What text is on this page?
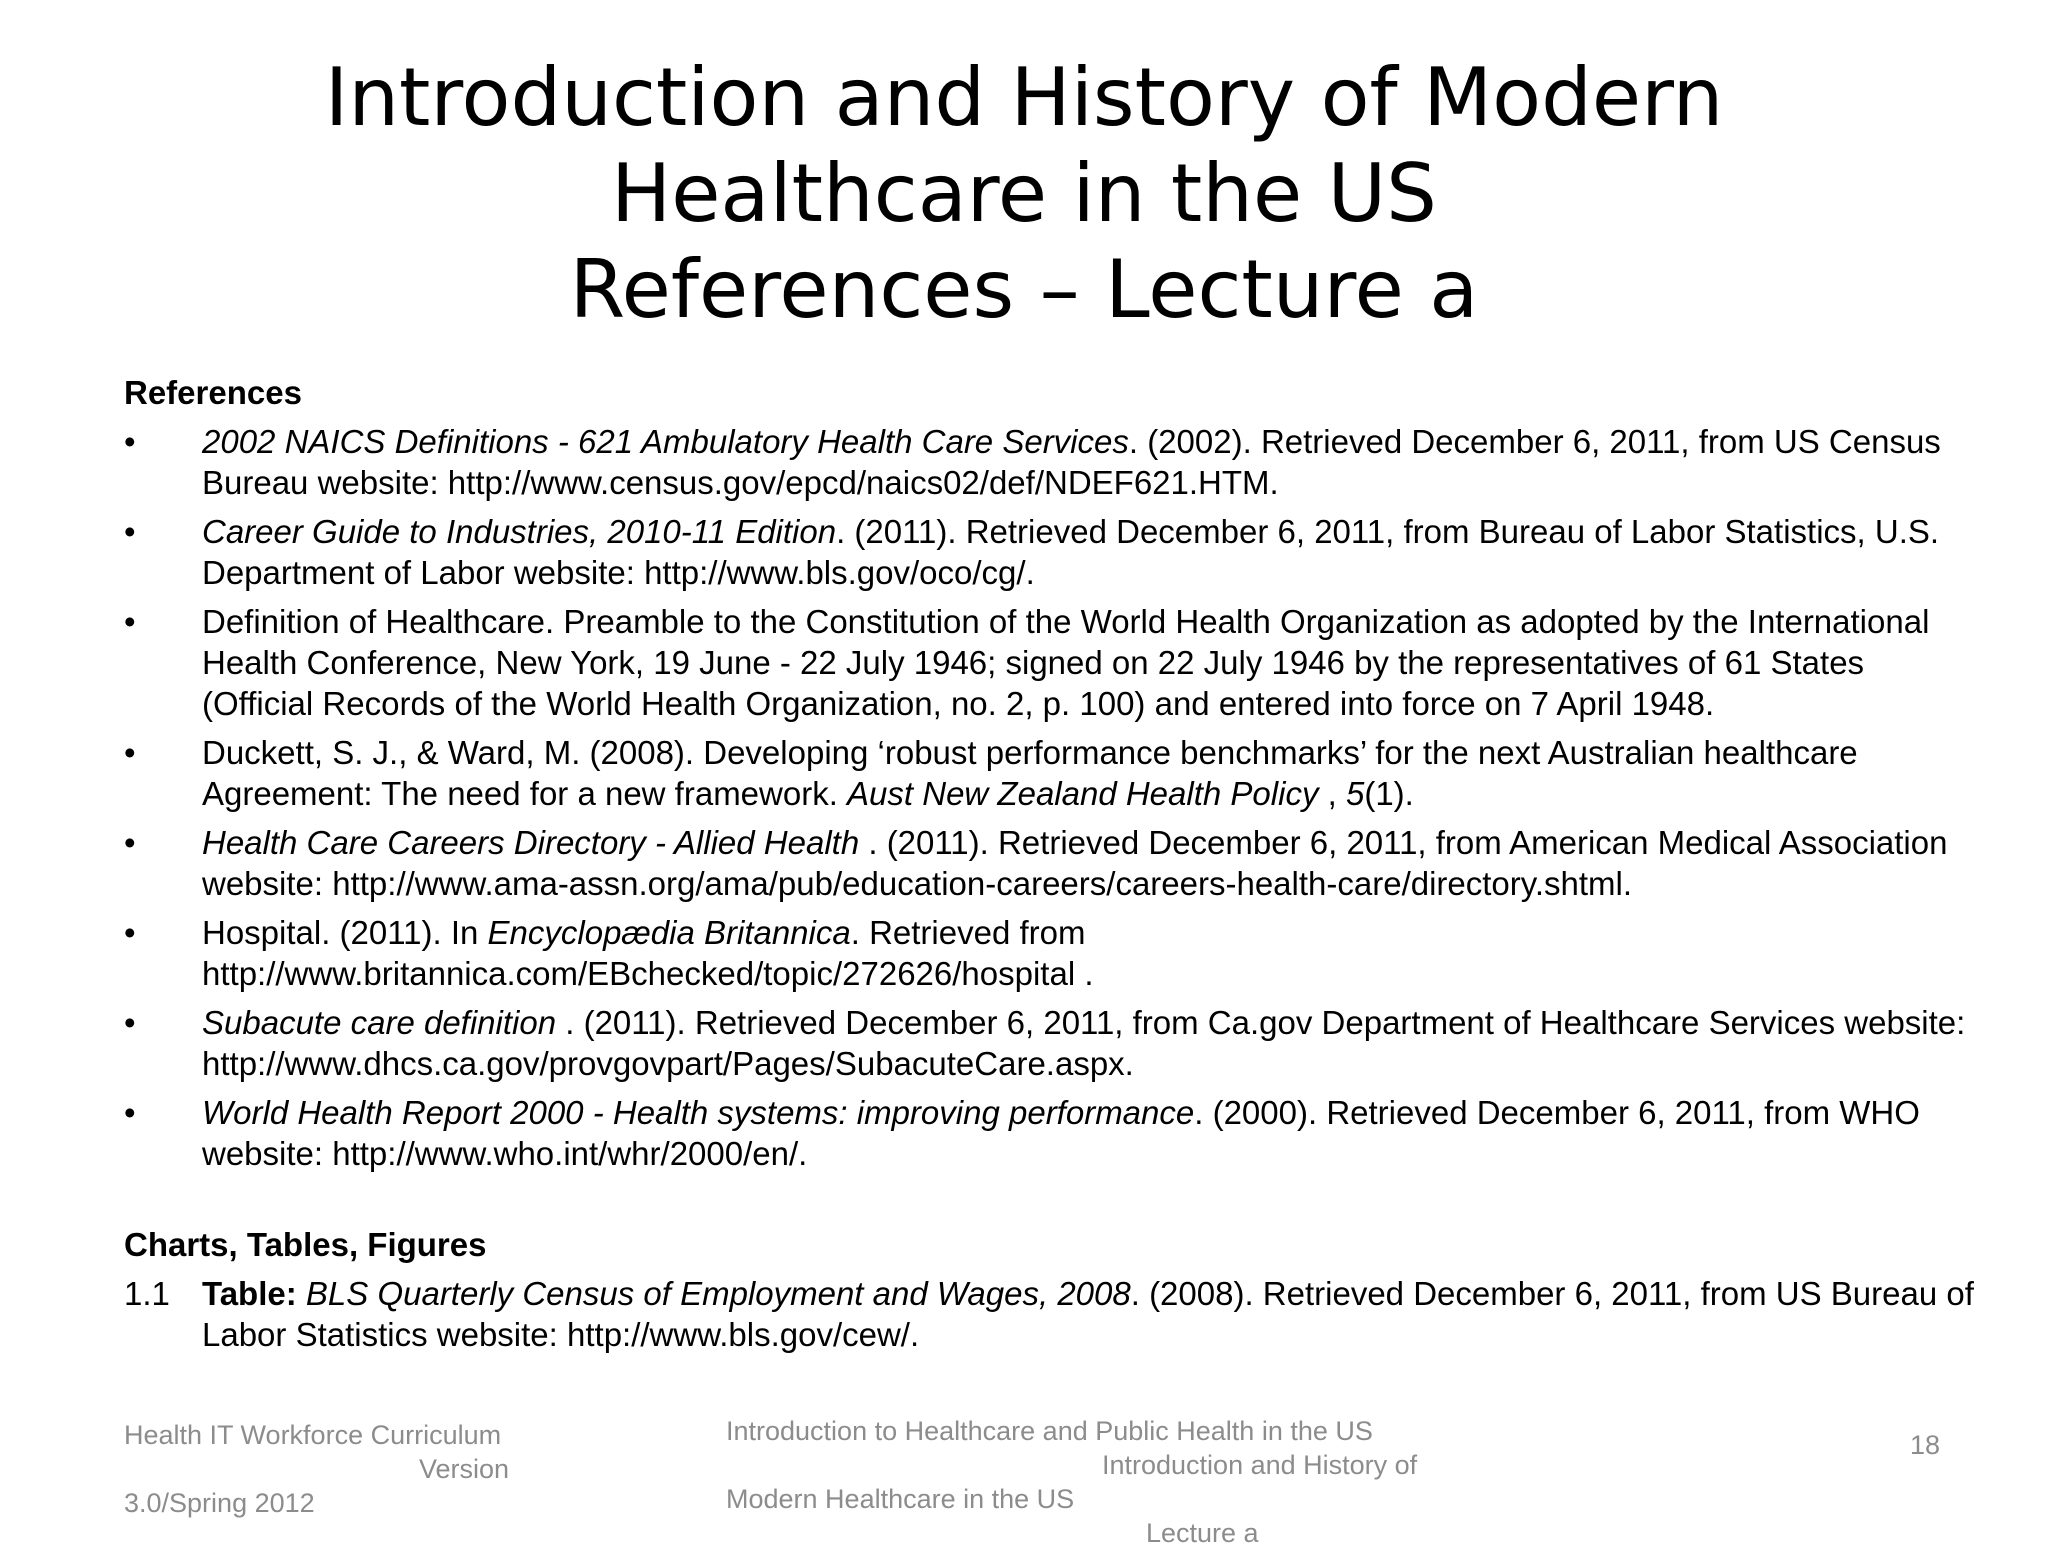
Introduction and History of Modern
Healthcare in the US
References – Lecture a
References
• 2002 NAICS Definitions - 621 Ambulatory Health Care Services. (2002). Retrieved December 6, 2011, from US Census Bureau website: http://www.census.gov/epcd/naics02/def/NDEF621.HTM.
• Career Guide to Industries, 2010-11 Edition. (2011). Retrieved December 6, 2011, from Bureau of Labor Statistics, U.S. Department of Labor website: http://www.bls.gov/oco/cg/.
• Definition of Healthcare. Preamble to the Constitution of the World Health Organization as adopted by the International Health Conference, New York, 19 June - 22 July 1946; signed on 22 July 1946 by the representatives of 61 States (Official Records of the World Health Organization, no. 2, p. 100) and entered into force on 7 April 1948.
• Duckett, S. J., & Ward, M. (2008). Developing ‘robust performance benchmarks’ for the next Australian healthcare Agreement: The need for a new framework. Aust New Zealand Health Policy , 5(1).
• Health Care Careers Directory - Allied Health . (2011). Retrieved December 6, 2011, from American Medical Association website: http://www.ama-assn.org/ama/pub/education-careers/careers-health-care/directory.shtml.
• Hospital. (2011). In Encyclopædia Britannica. Retrieved from
http://www.britannica.com/EBchecked/topic/272626/hospital .
• Subacute care definition . (2011). Retrieved December 6, 2011, from Ca.gov Department of Healthcare Services website: http://www.dhcs.ca.gov/provgovpart/Pages/SubacuteCare.aspx.
• World Health Report 2000 - Health systems: improving performance. (2000). Retrieved December 6, 2011, from WHO website: http://www.who.int/whr/2000/en/.
Charts, Tables, Figures
1.1 Table: BLS Quarterly Census of Employment and Wages, 2008. (2008). Retrieved December 6, 2011, from US Bureau of Labor Statistics website: http://www.bls.gov/cew/.
Health IT Workforce Curriculum
Version
3.0/Spring 2012
Introduction to Healthcare and Public Health in the US
Introduction and History of
Modern Healthcare in the US
Lecture a
18
